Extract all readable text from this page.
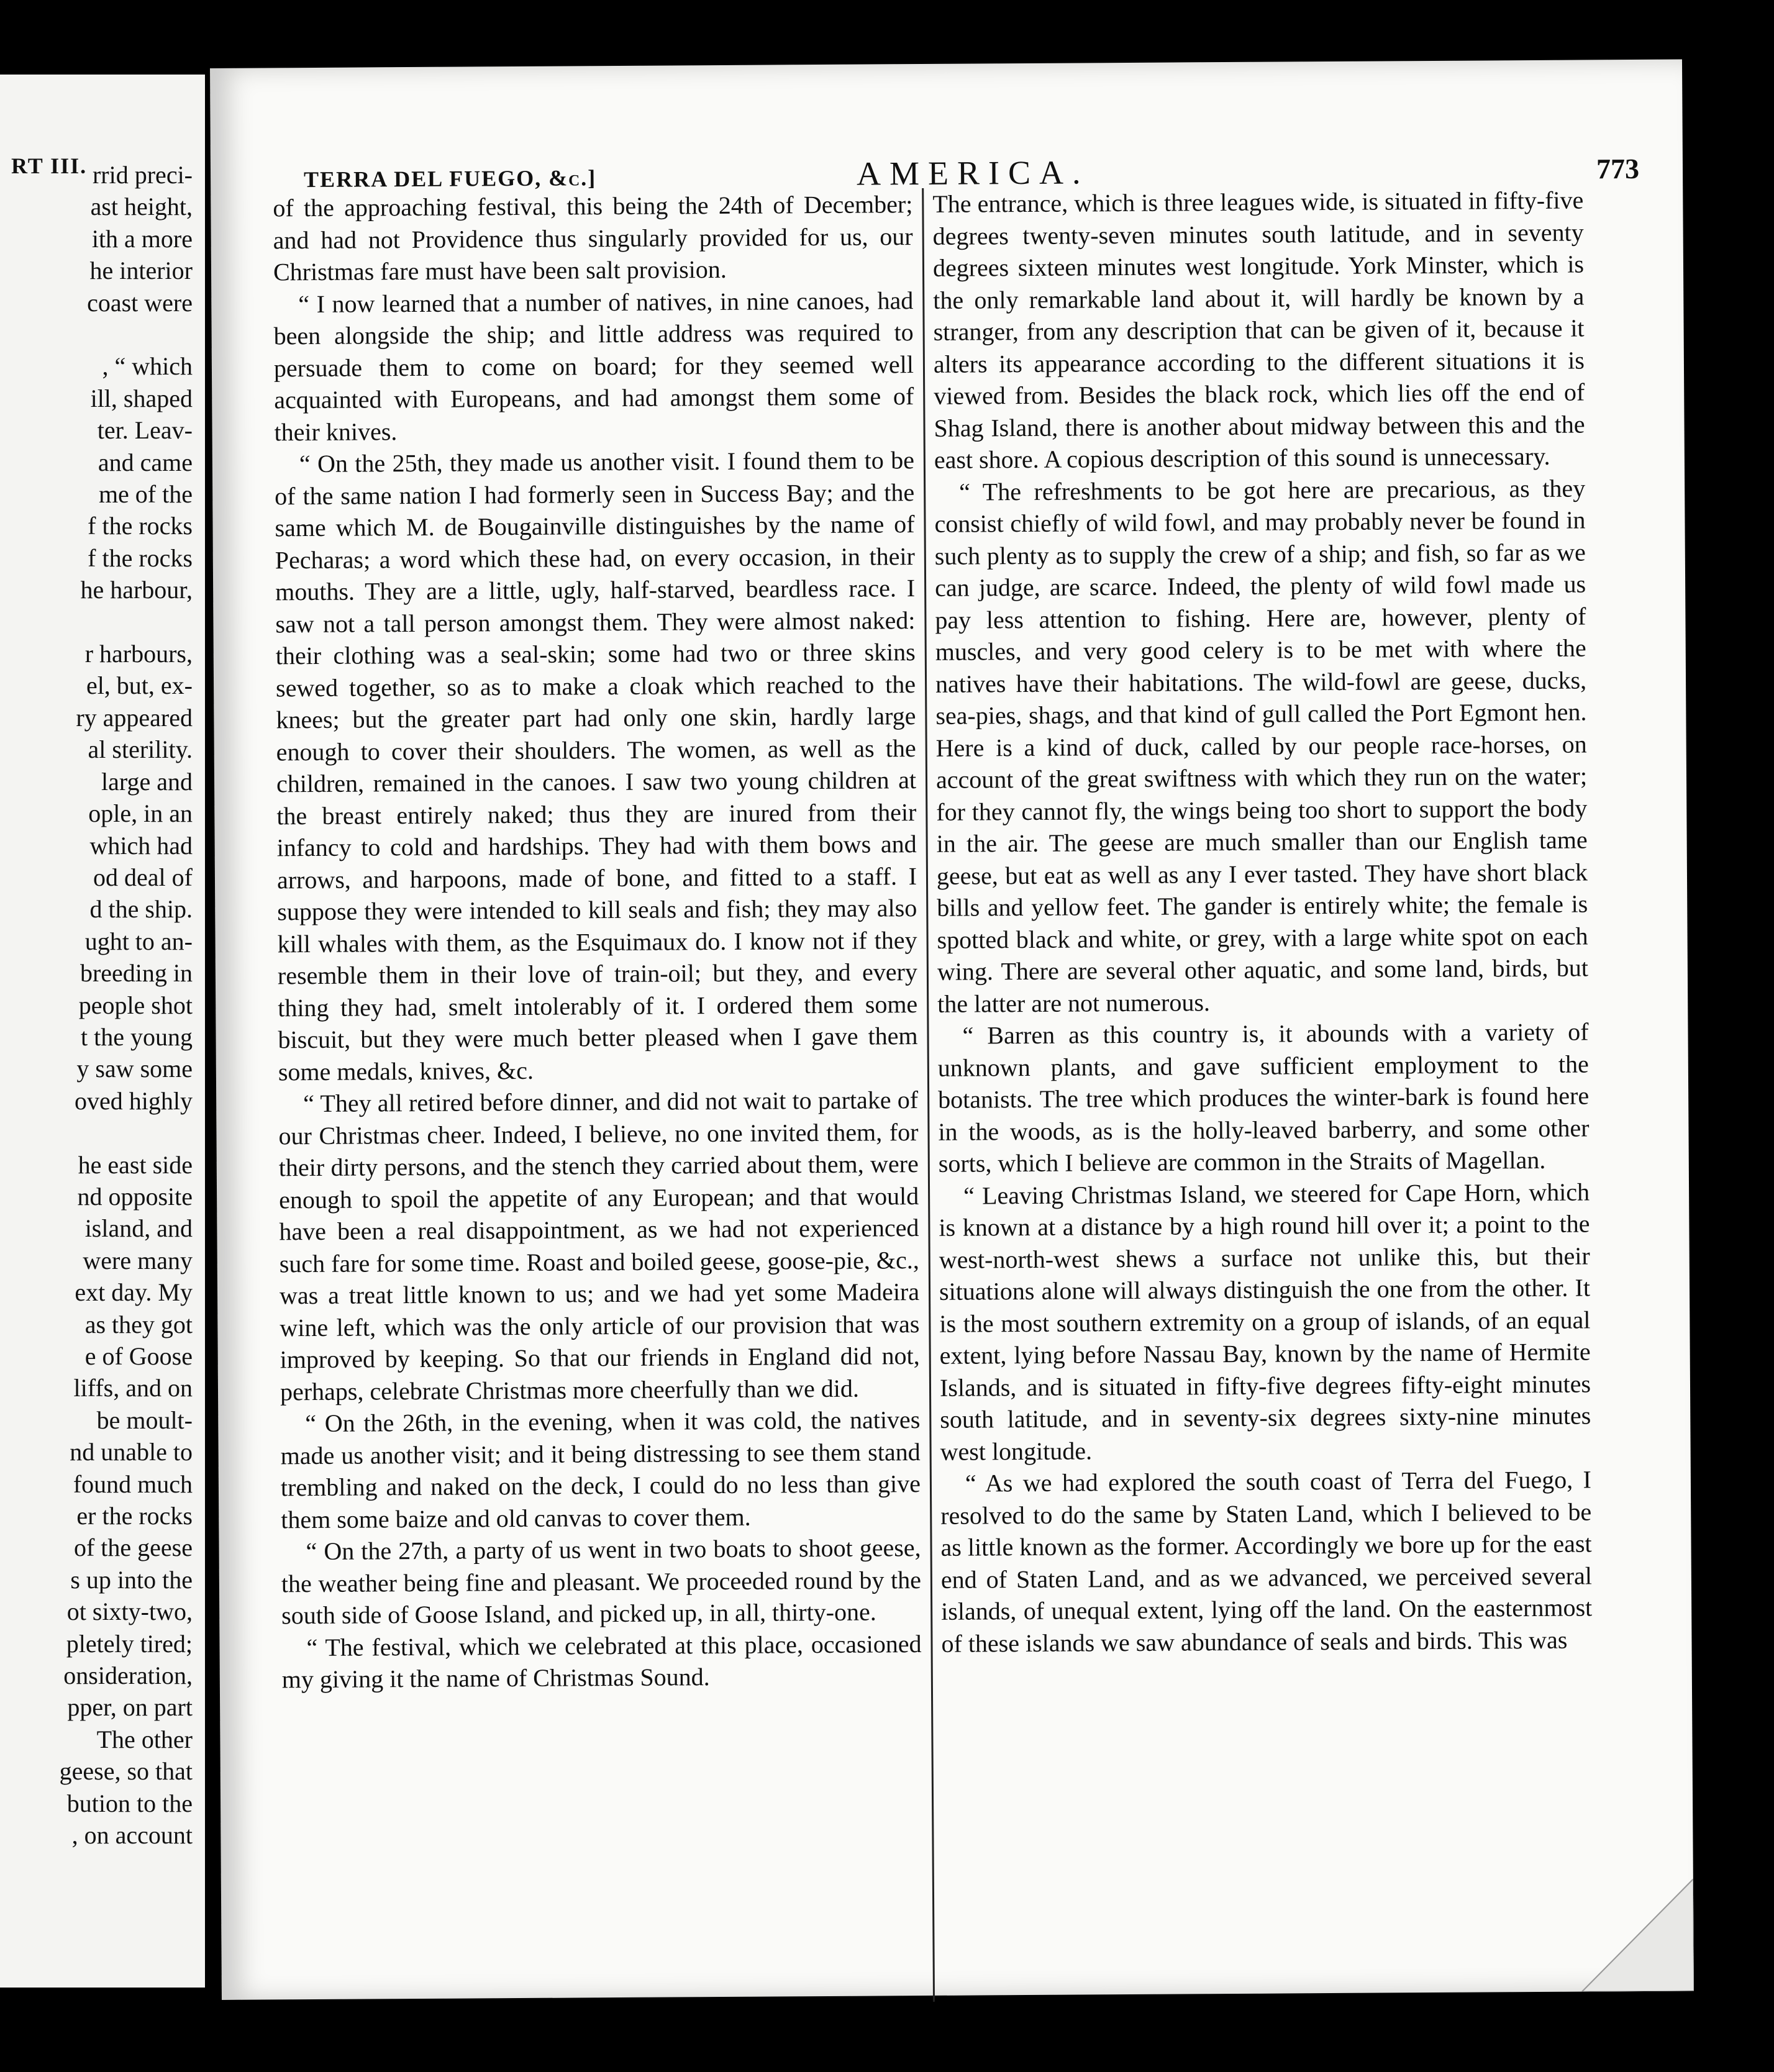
RT III. rrid preci-
ast height,
ith a more
he interior
coast were
, “ which
ill, shaped
ter. Leav-
and came
me of the
f the rocks
f the rocks
he harbour,
r harbours,
el, but, ex-
ry appeared
al sterility.
large and
ople, in an
which had
od deal of
d the ship.
ught to an-
breeding in
people shot
t the young
y saw some
oved highly
he east side
nd opposite
island, and
were many
ext day. My
as they got
e of Goose
liffs, and on
be moult-
nd unable to
found much
er the rocks
of the geese
s up into the
ot sixty-two,
pletely tired;
onsideration,
pper, on part
The other
geese, so that
bution to the
, on account
TERRA DEL FUEGO, &c.]	AMERICA.	773

of the approaching festival, this being the 24th of December; and had not Providence thus singularly provided for us, our Christmas fare must have been salt provision.

“ I now learned that a number of natives, in nine canoes, had been alongside the ship; and little address was required to persuade them to come on board; for they seemed well acquainted with Europeans, and had amongst them some of their knives.

“ On the 25th, they made us another visit. I found them to be of the same nation I had formerly seen in Success Bay; and the same which M. de Bougainville distinguishes by the name of Pecharas; a word which these had, on every occasion, in their mouths. They are a little, ugly, half-starved, beardless race. I saw not a tall person amongst them. They were almost naked: their clothing was a seal-skin; some had two or three skins sewed together, so as to make a cloak which reached to the knees; but the greater part had only one skin, hardly large enough to cover their shoulders. The women, as well as the children, remained in the canoes. I saw two young children at the breast entirely naked; thus they are inured from their infancy to cold and hardships. They had with them bows and arrows, and harpoons, made of bone, and fitted to a staff. I suppose they were intended to kill seals and fish; they may also kill whales with them, as the Esquimaux do. I know not if they resemble them in their love of train-oil; but they, and every thing they had, smelt intolerably of it. I ordered them some biscuit, but they were much better pleased when I gave them some medals, knives, &c.

“ They all retired before dinner, and did not wait to partake of our Christmas cheer. Indeed, I believe, no one invited them, for their dirty persons, and the stench they carried about them, were enough to spoil the appetite of any European; and that would have been a real disappointment, as we had not experienced such fare for some time. Roast and boiled geese, goose-pie, &c., was a treat little known to us; and we had yet some Madeira wine left, which was the only article of our provision that was improved by keeping. So that our friends in England did not, perhaps, celebrate Christmas more cheerfully than we did.

“ On the 26th, in the evening, when it was cold, the natives made us another visit; and it being distressing to see them stand trembling and naked on the deck, I could do no less than give them some baize and old canvas to cover them.

“ On the 27th, a party of us went in two boats to shoot geese, the weather being fine and pleasant. We proceeded round by the south side of Goose Island, and picked up, in all, thirty-one.

“ The festival, which we celebrated at this place, occasioned my giving it the name of Christmas Sound.

The entrance, which is three leagues wide, is situated in fifty-five degrees twenty-seven minutes south latitude, and in seventy degrees sixteen minutes west longitude. York Minster, which is the only remarkable land about it, will hardly be known by a stranger, from any description that can be given of it, because it alters its appearance according to the different situations it is viewed from. Besides the black rock, which lies off the end of Shag Island, there is another about midway between this and the east shore. A copious description of this sound is unnecessary.

“ The refreshments to be got here are precarious, as they consist chiefly of wild fowl, and may probably never be found in such plenty as to supply the crew of a ship; and fish, so far as we can judge, are scarce. Indeed, the plenty of wild fowl made us pay less attention to fishing. Here are, however, plenty of muscles, and very good celery is to be met with where the natives have their habitations. The wild-fowl are geese, ducks, sea-pies, shags, and that kind of gull called the Port Egmont hen. Here is a kind of duck, called by our people race-horses, on account of the great swiftness with which they run on the water; for they cannot fly, the wings being too short to support the body in the air. The geese are much smaller than our English tame geese, but eat as well as any I ever tasted. They have short black bills and yellow feet. The gander is entirely white; the female is spotted black and white, or grey, with a large white spot on each wing. There are several other aquatic, and some land, birds, but the latter are not numerous.

“ Barren as this country is, it abounds with a variety of unknown plants, and gave sufficient employment to the botanists. The tree which produces the winter-bark is found here in the woods, as is the holly-leaved barberry, and some other sorts, which I believe are common in the Straits of Magellan.

“ Leaving Christmas Island, we steered for Cape Horn, which is known at a distance by a high round hill over it; a point to the west-north-west shews a surface not unlike this, but their situations alone will always distinguish the one from the other. It is the most southern extremity on a group of islands, of an equal extent, lying before Nassau Bay, known by the name of Hermite Islands, and is situated in fifty-five degrees fifty-eight minutes south latitude, and in seventy-six degrees sixty-nine minutes west longitude.

“ As we had explored the south coast of Terra del Fuego, I resolved to do the same by Staten Land, which I believed to be as little known as the former. Accordingly we bore up for the east end of Staten Land, and as we advanced, we perceived several islands, of unequal extent, lying off the land. On the easternmost of these islands we saw abundance of seals and birds. This was
